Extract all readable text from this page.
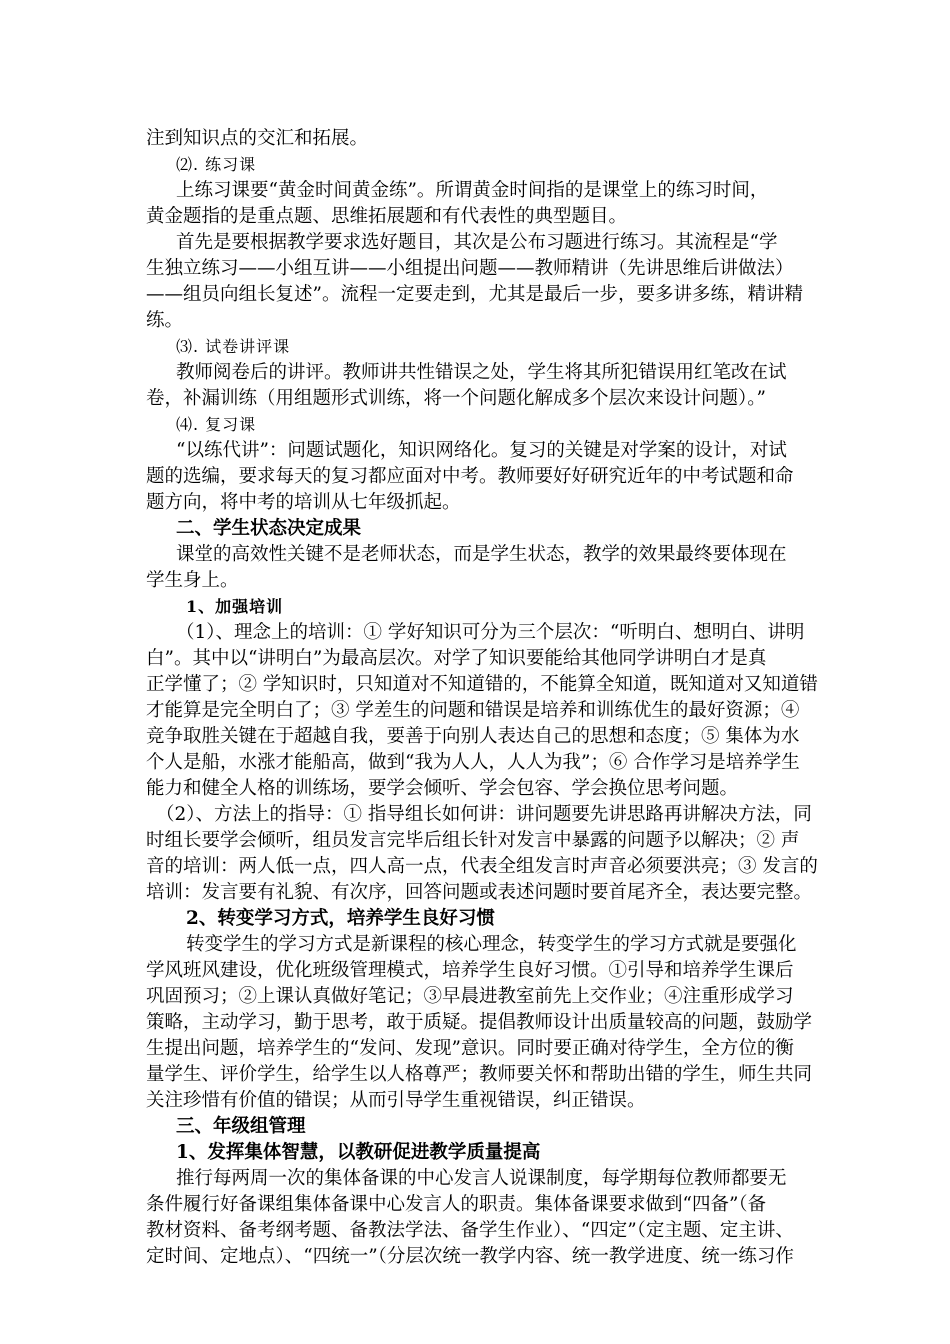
注到知识点的交汇和拓展。
⑵. 练习课
上练习课要“黄金时间黄金练”。所谓黄金时间指的是课堂上的练习时间，
黄金题指的是重点题、思维拓展题和有代表性的典型题目。
首先是要根据教学要求选好题目，其次是公布习题进行练习。其流程是“学
生独立练习——小组互讲——小组提出问题——教师精讲（先讲思维后讲做法）
——组员向组长复述”。流程一定要走到，尤其是最后一步，要多讲多练，精讲精
练。
⑶. 试卷讲评课
教师阅卷后的讲评。教师讲共性错误之处，学生将其所犯错误用红笔改在试
卷，补漏训练（用组题形式训练，将一个问题化解成多个层次来设计问题）。”
⑷. 复习课
“以练代讲”：问题试题化，知识网络化。复习的关键是对学案的设计，对试
题的选编，要求每天的复习都应面对中考。教师要好好研究近年的中考试题和命
题方向，将中考的培训从七年级抓起。
二、学生状态决定成果
课堂的高效性关键不是老师状态，而是学生状态，教学的效果最终要体现在
学生身上。
1、加强培训
（1）、理念上的培训：① 学好知识可分为三个层次：“听明白、想明白、讲明
白”。其中以“讲明白”为最高层次。对学了知识要能给其他同学讲明白才是真
正学懂了；② 学知识时，只知道对不知道错的，不能算全知道，既知道对又知道错
才能算是完全明白了；③ 学差生的问题和错误是培养和训练优生的最好资源；④
竞争取胜关键在于超越自我，要善于向别人表达自己的思想和态度；⑤ 集体为水
个人是船，水涨才能船高，做到“我为人人，人人为我”；⑥ 合作学习是培养学生
能力和健全人格的训练场，要学会倾听、学会包容、学会换位思考问题。
（2）、方法上的指导：① 指导组长如何讲：讲问题要先讲思路再讲解决方法，同
时组长要学会倾听，组员发言完毕后组长针对发言中暴露的问题予以解决；② 声
音的培训：两人低一点，四人高一点，代表全组发言时声音必须要洪亮；③ 发言的
培训：发言要有礼貌、有次序，回答问题或表述问题时要首尾齐全，表达要完整。
2、转变学习方式，培养学生良好习惯
转变学生的学习方式是新课程的核心理念，转变学生的学习方式就是要强化
学风班风建设，优化班级管理模式，培养学生良好习惯。①引导和培养学生课后
巩固预习；②上课认真做好笔记；③早晨进教室前先上交作业；④注重形成学习
策略，主动学习，勤于思考，敢于质疑。提倡教师设计出质量较高的问题，鼓励学
生提出问题，培养学生的“发问、发现”意识。同时要正确对待学生，全方位的衡
量学生、评价学生，给学生以人格尊严；教师要关怀和帮助出错的学生，师生共同
关注珍惜有价值的错误；从而引导学生重视错误，纠正错误。
三、年级组管理
1、发挥集体智慧，以教研促进教学质量提高
推行每两周一次的集体备课的中心发言人说课制度，每学期每位教师都要无
条件履行好备课组集体备课中心发言人的职责。集体备课要求做到“四备”（备
教材资料、备考纲考题、备教法学法、备学生作业）、“四定”（定主题、定主讲、
定时间、定地点）、“四统一”（分层次统一教学内容、统一教学进度、统一练习作
